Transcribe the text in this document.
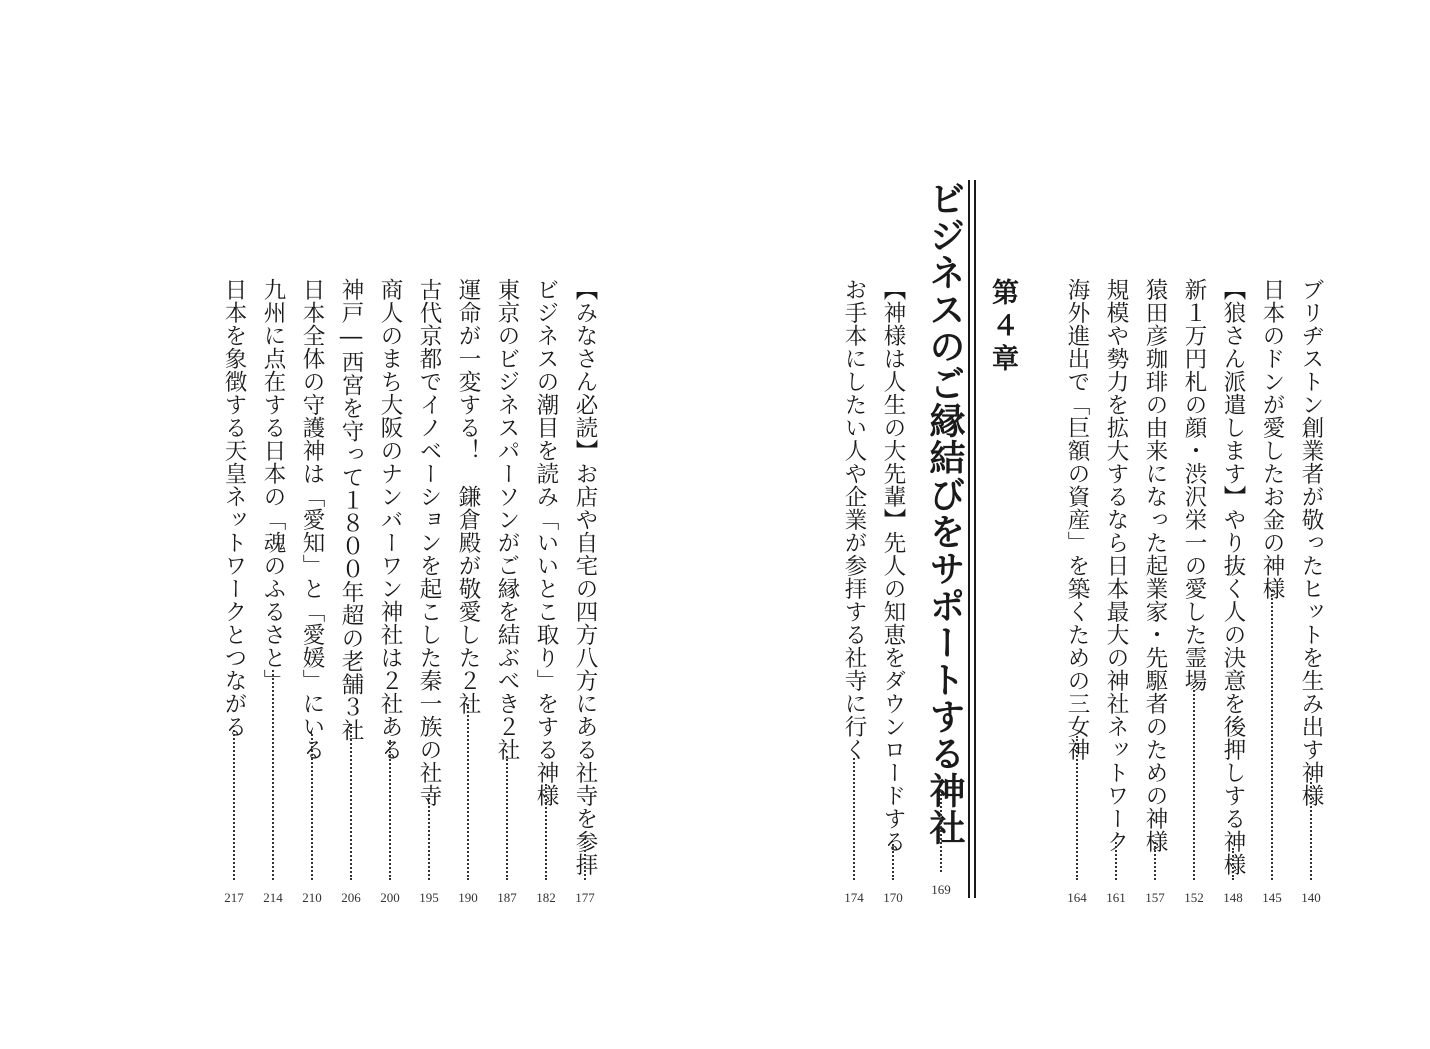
ブリヂストン創業者が敬ったヒットを生み出す神様
140
日本のドンが愛したお金の神様
145
【狼さん派遣します】やり抜く人の決意を後押しする神様
148
新１万円札の顔・渋沢栄一の愛した霊場
152
猿田彦珈琲の由来になった起業家・先駆者のための神様
157
規模や勢力を拡大するなら日本最大の神社ネットワーク
161
海外進出で「巨額の資産」を築くための三女神
164
第４章
ビジネスのご縁結びをサポートする神社
169
【神様は人生の大先輩】先人の知恵をダウンロードする
170
お手本にしたい人や企業が参拝する社寺に行く
174
【みなさん必読】お店や自宅の四方八方にある社寺を参拝
177
ビジネスの潮目を読み「いいとこ取り」をする神様
182
東京のビジネスパーソンがご縁を結ぶべき２社
187
運命が一変する！　鎌倉殿が敬愛した２社
190
古代京都でイノベーションを起こした秦一族の社寺
195
商人のまち大阪のナンバーワン神社は２社ある
200
神戸―西宮を守って１８００年超の老舗３社
206
日本全体の守護神は「愛知」と「愛媛」にいる
210
九州に点在する日本の「魂のふるさと」
214
日本を象徴する天皇ネットワークとつながる
217
